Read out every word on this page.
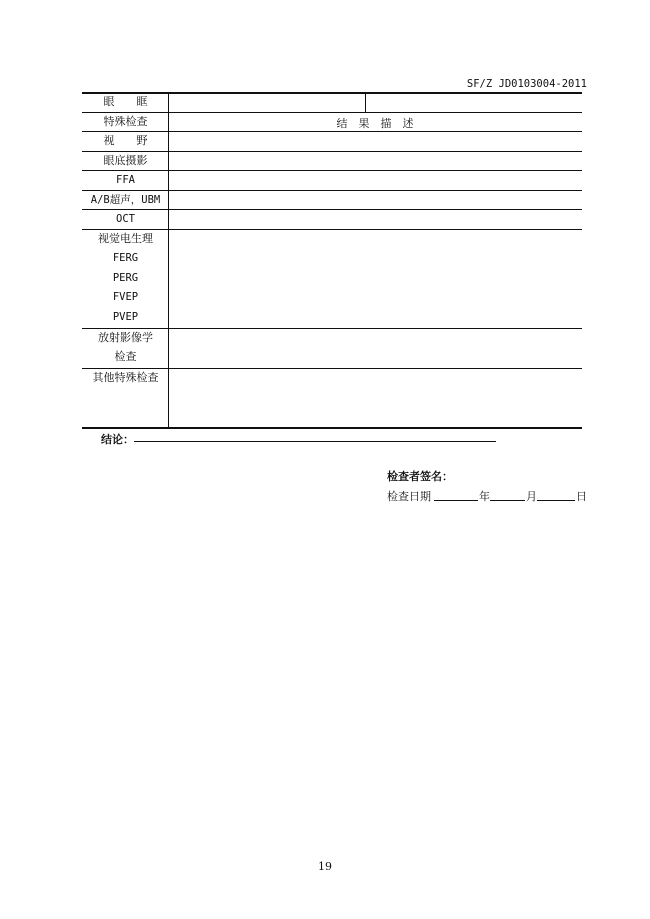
SF/Z JD0103004-2011
眼　　眶
特殊检查	结　果　描　述
视　　野
眼底摄影
FFA
A/B超声，UBM
OCT
视觉电生理
FERG
PERG
FVEP
PVEP
放射影像学
检查
其他特殊检查
结论：
检查者签名：
检查日期	年	月	日
19
